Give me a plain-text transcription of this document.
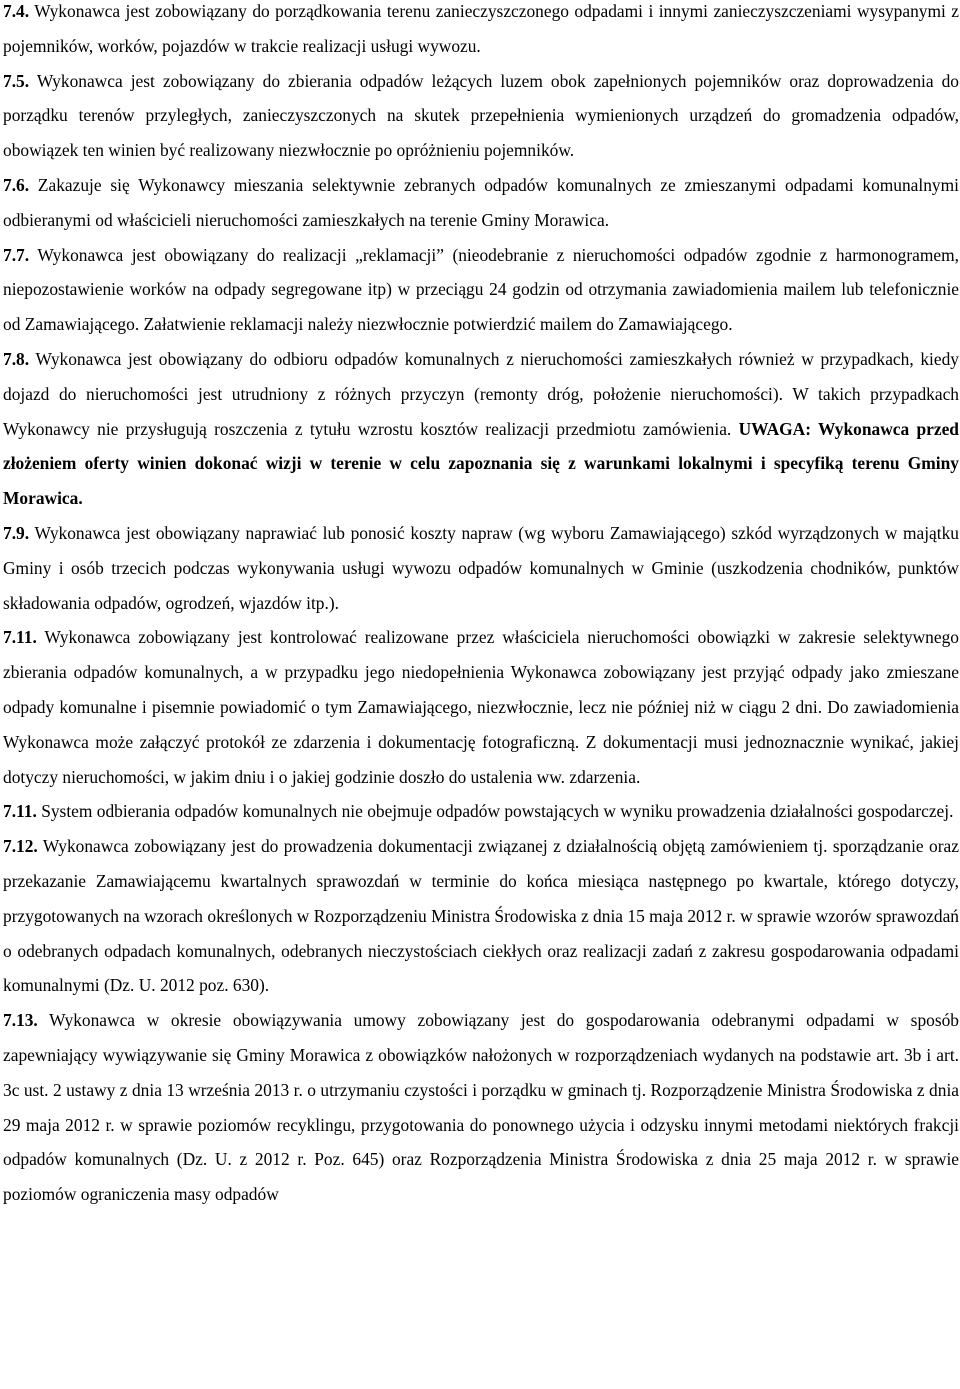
7.4. Wykonawca jest zobowiązany do porządkowania terenu zanieczyszczonego odpadami i innymi zanieczyszczeniami wysypanymi z pojemników, worków, pojazdów w trakcie realizacji usługi wywozu.

7.5. Wykonawca jest zobowiązany do zbierania odpadów leżących luzem obok zapełnionych pojemników oraz doprowadzenia do porządku terenów przyległych, zanieczyszczonych na skutek przepełnienia wymienionych urządzeń do gromadzenia odpadów, obowiązek ten winien być realizowany niezwłocznie po opróżnieniu pojemników.

7.6. Zakazuje się Wykonawcy mieszania selektywnie zebranych odpadów komunalnych ze zmieszanymi odpadami komunalnymi odbieranymi od właścicieli nieruchomości zamieszkałych na terenie Gminy Morawica.

7.7. Wykonawca jest obowiązany do realizacji „reklamacji” (nieodebranie z nieruchomości odpadów zgodnie z harmonogramem, niepozostawienie worków na odpady segregowane itp) w przeciągu 24 godzin od otrzymania zawiadomienia mailem lub telefonicznie od Zamawiającego. Załatwienie reklamacji należy niezwłocznie potwierdzić mailem do Zamawiającego.

7.8. Wykonawca jest obowiązany do odbioru odpadów komunalnych z nieruchomości zamieszkałych również w przypadkach, kiedy dojazd do nieruchomości jest utrudniony z różnych przyczyn (remonty dróg, położenie nieruchomości). W takich przypadkach Wykonawcy nie przysługują roszczenia z tytułu wzrostu kosztów realizacji przedmiotu zamówienia. UWAGA: Wykonawca przed złożeniem oferty winien dokonać wizji w terenie w celu zapoznania się z warunkami lokalnymi i specyfiką terenu Gminy Morawica.

7.9. Wykonawca jest obowiązany naprawiać lub ponosić koszty napraw (wg wyboru Zamawiającego) szkód wyrządzonych w majątku Gminy i osób trzecich podczas wykonywania usługi wywozu odpadów komunalnych w Gminie (uszkodzenia chodników, punktów składowania odpadów, ogrodzeń, wjazdów itp.).

7.11. Wykonawca zobowiązany jest kontrolować realizowane przez właściciela nieruchomości obowiązki w zakresie selektywnego zbierania odpadów komunalnych, a w przypadku jego niedopełnienia Wykonawca zobowiązany jest przyjąć odpady jako zmieszane odpady komunalne i pisemnie powiadomić o tym Zamawiającego, niezwłocznie, lecz nie później niż w ciągu 2 dni. Do zawiadomienia Wykonawca może załączyć protokół ze zdarzenia i dokumentację fotograficzną. Z dokumentacji musi jednoznacznie wynikać, jakiej dotyczy nieruchomości, w jakim dniu i o jakiej godzinie doszło do ustalenia ww. zdarzenia.

7.11. System odbierania odpadów komunalnych nie obejmuje odpadów powstających w wyniku prowadzenia działalności gospodarczej.

7.12. Wykonawca zobowiązany jest do prowadzenia dokumentacji związanej z działalnością objętą zamówieniem tj. sporządzanie oraz przekazanie Zamawiającemu kwartalnych sprawozdań w terminie do końca miesiąca następnego po kwartale, którego dotyczy, przygotowanych na wzorach określonych w Rozporządzeniu Ministra Środowiska z dnia 15 maja 2012 r. w sprawie wzorów sprawozdań o odebranych odpadach komunalnych, odebranych nieczystościach ciekłych oraz realizacji zadań z zakresu gospodarowania odpadami komunalnymi (Dz. U. 2012 poz. 630).

7.13. Wykonawca w okresie obowiązywania umowy zobowiązany jest do gospodarowania odebranymi odpadami w sposób zapewniający wywiązywanie się Gminy Morawica z obowiązków nałożonych w rozporządzeniach wydanych na podstawie art. 3b i art. 3c ust. 2 ustawy z dnia 13 września 2013 r. o utrzymaniu czystości i porządku w gminach tj. Rozporządzenie Ministra Środowiska z dnia 29 maja 2012 r. w sprawie poziomów recyklingu, przygotowania do ponownego użycia i odzysku innymi metodami niektórych frakcji odpadów komunalnych (Dz. U. z 2012 r. Poz. 645) oraz Rozporządzenia Ministra Środowiska z dnia 25 maja 2012 r. w sprawie poziomów ograniczenia masy odpadów
